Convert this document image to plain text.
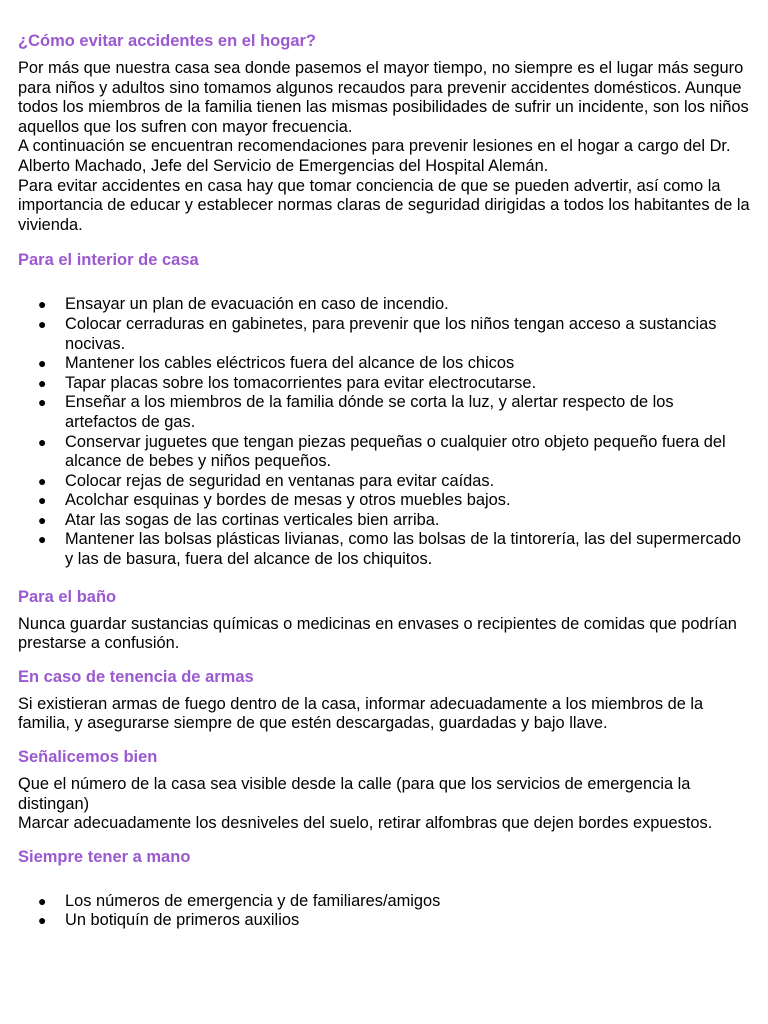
¿Cómo evitar accidentes en el hogar?

Por más que nuestra casa sea donde pasemos el mayor tiempo, no siempre es el lugar más seguro para niños y adultos sino tomamos algunos recaudos para prevenir accidentes domésticos. Aunque todos los miembros de la familia tienen las mismas posibilidades de sufrir un incidente, son los niños aquellos que los sufren con mayor frecuencia.
A continuación se encuentran recomendaciones para prevenir lesiones en el hogar a cargo del Dr. Alberto Machado, Jefe del Servicio de Emergencias del Hospital Alemán.
Para evitar accidentes en casa hay que tomar conciencia de que se pueden advertir, así como la importancia de educar y establecer normas claras de seguridad dirigidas a todos los habitantes de la vivienda.

Para el interior de casa
● Ensayar un plan de evacuación en caso de incendio.
● Colocar cerraduras en gabinetes, para prevenir que los niños tengan acceso a sustancias nocivas.
● Mantener los cables eléctricos fuera del alcance de los chicos
● Tapar placas sobre los tomacorrientes para evitar electrocutarse.
● Enseñar a los miembros de la familia dónde se corta la luz, y alertar respecto de los artefactos de gas.
● Conservar juguetes que tengan piezas pequeñas o cualquier otro objeto pequeño fuera del alcance de bebes y niños pequeños.
● Colocar rejas de seguridad en ventanas para evitar caídas.
● Acolchar esquinas y bordes de mesas y otros muebles bajos.
● Atar las sogas de las cortinas verticales bien arriba.
● Mantener las bolsas plásticas livianas, como las bolsas de la tintorería, las del supermercado y las de basura, fuera del alcance de los chiquitos.
Para el baño

Nunca guardar sustancias químicas o medicinas en envases o recipientes de comidas que podrían prestarse a confusión.

En caso de tenencia de armas

Si existieran armas de fuego dentro de la casa, informar adecuadamente a los miembros de la familia, y asegurarse siempre de que estén descargadas, guardadas y bajo llave.

Señalicemos bien

Que el número de la casa sea visible desde la calle (para que los servicios de emergencia la distingan)
Marcar adecuadamente los desniveles del suelo, retirar alfombras que dejen bordes expuestos.

Siempre tener a mano
● Los números de emergencia y de familiares/amigos
● Un botiquín de primeros auxilios
